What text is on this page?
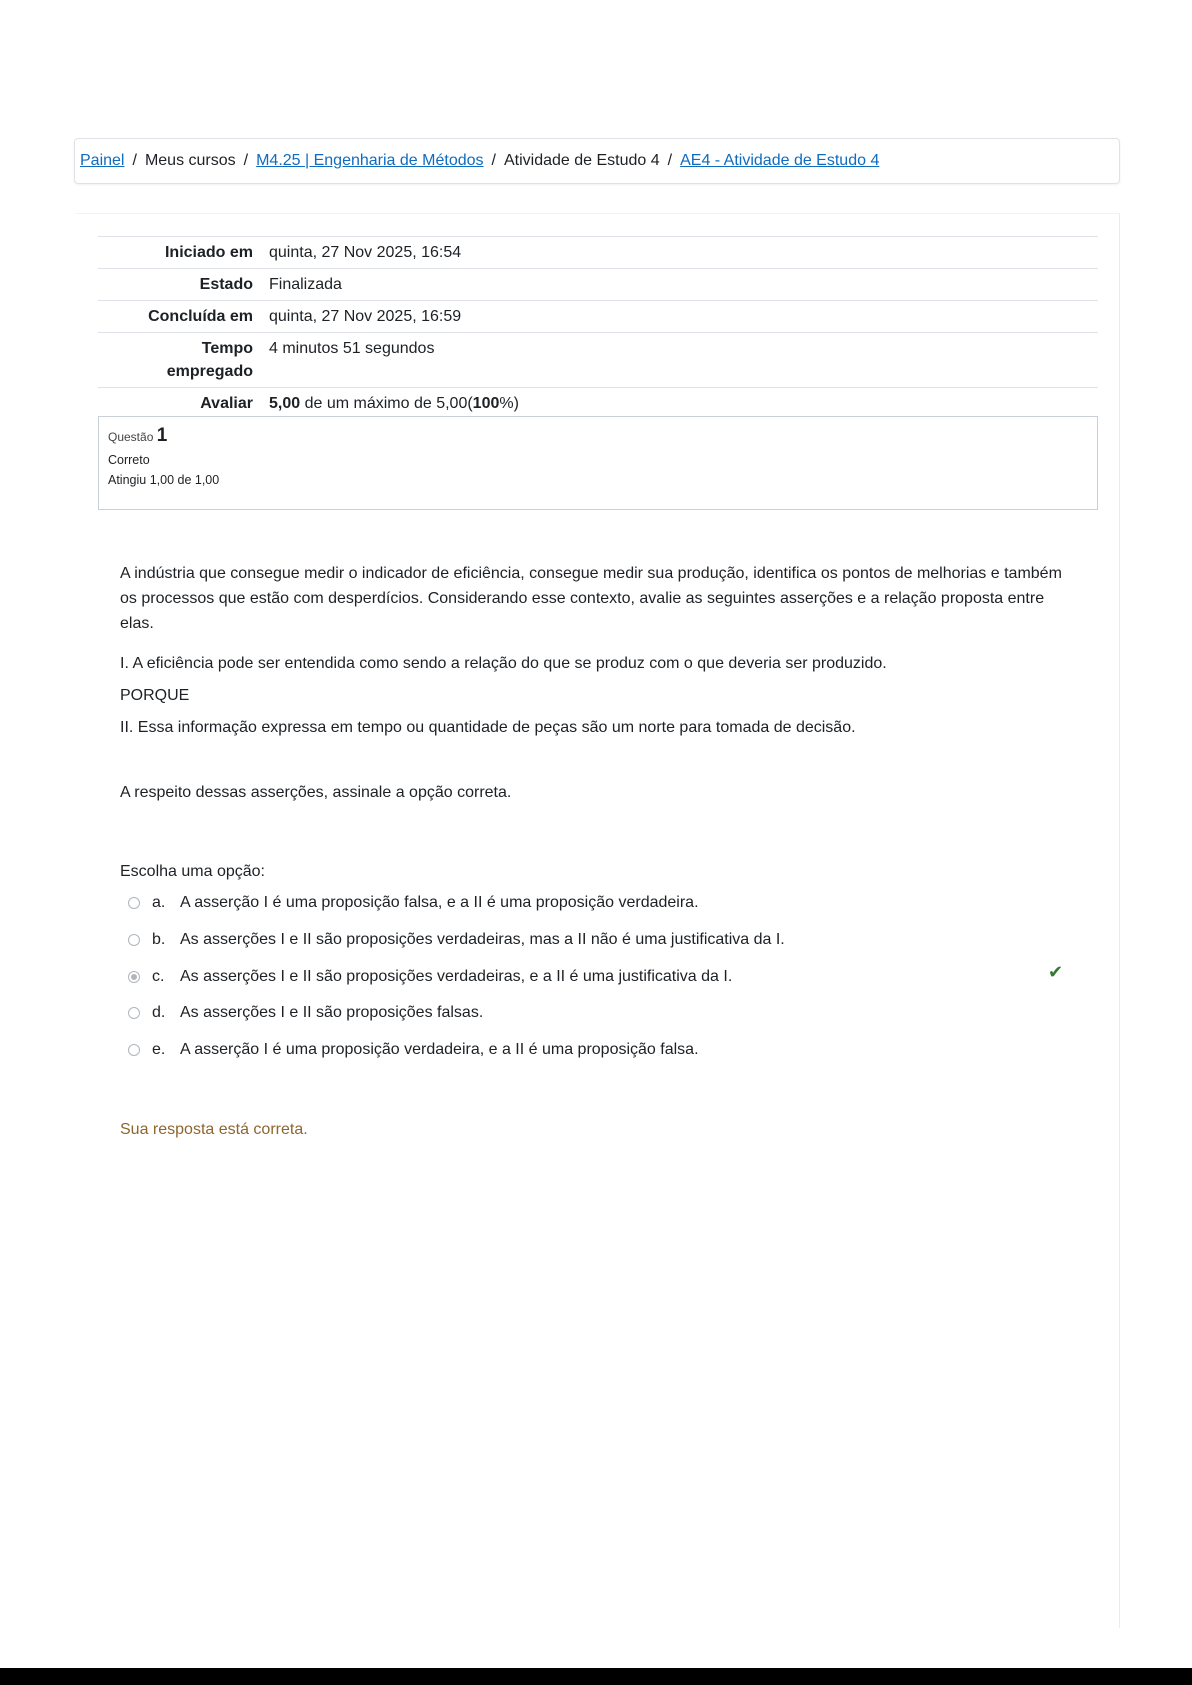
Painel / Meus cursos / M4.25 | Engenharia de Métodos / Atividade de Estudo 4 / AE4 - Atividade de Estudo 4
Iniciado em	quinta, 27 Nov 2025, 16:54
Estado	Finalizada
Concluída em	quinta, 27 Nov 2025, 16:59
Tempo
empregado	4 minutos 51 segundos
Avaliar	5,00 de um máximo de 5,00(100%)
Questão 1
Correto
Atingiu 1,00 de 1,00

A indústria que consegue medir o indicador de eficiência, consegue medir sua produção, identifica os pontos de melhorias e também os processos que estão com desperdícios. Considerando esse contexto, avalie as seguintes asserções e a relação proposta entre elas.

I. A eficiência pode ser entendida como sendo a relação do que se produz com o que deveria ser produzido.

PORQUE

II. Essa informação expressa em tempo ou quantidade de peças são um norte para tomada de decisão.

A respeito dessas asserções, assinale a opção correta.

Escolha uma opção:
a. A asserção I é uma proposição falsa, e a II é uma proposição verdadeira.
b. As asserções I e II são proposições verdadeiras, mas a II não é uma justificativa da I.
c. As asserções I e II são proposições verdadeiras, e a II é uma justificativa da I.
d. As asserções I e II são proposições falsas.
e. A asserção I é uma proposição verdadeira, e a II é uma proposição falsa.
✔
Sua resposta está correta.
